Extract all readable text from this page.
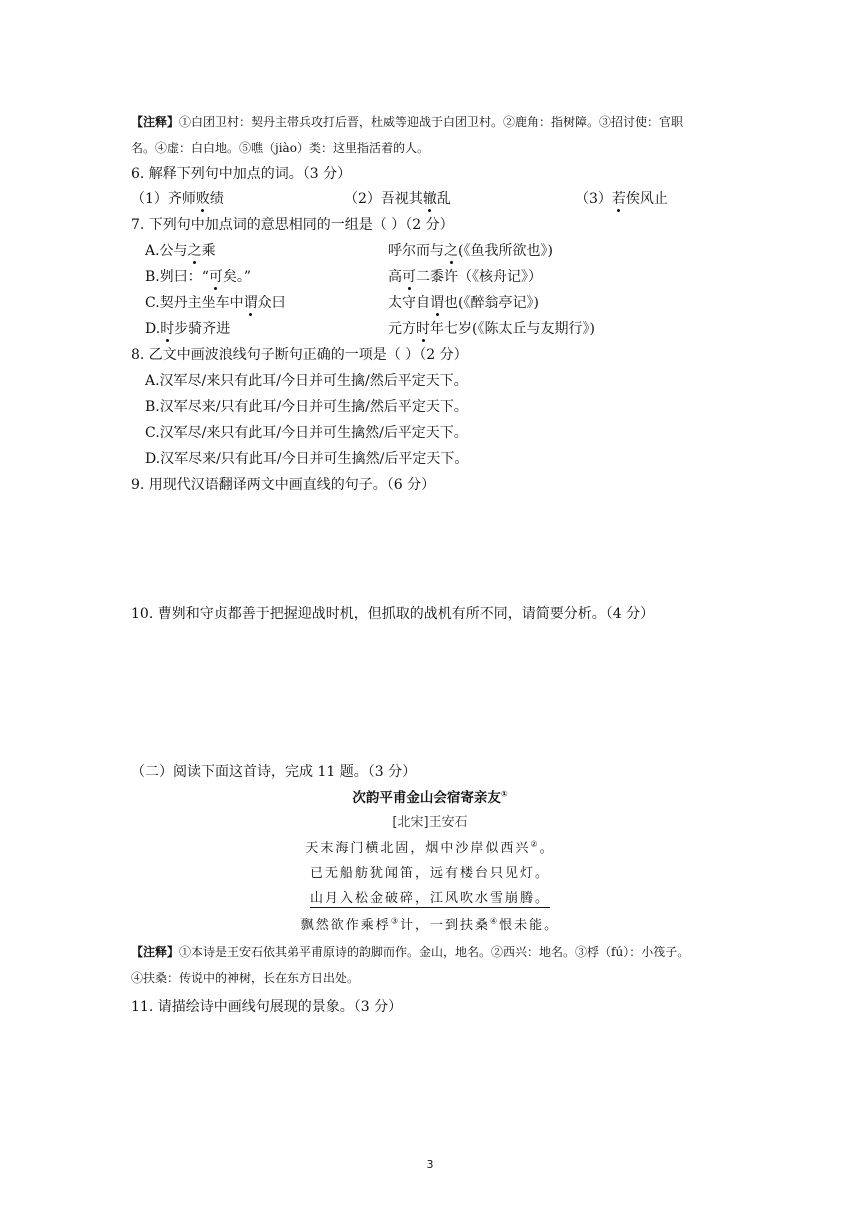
【注释】①白团卫村：契丹主帯兵攻打后晋，杜威等迎战于白团卫村。②鹿角：指树障。③招讨使：官职
名。④虚：白白地。⑤噍（jiào）类：这里指活着的人。
6. 解释下列句中加点的词。（3 分）
（1）齐师败绩	（2）吾视其辙乱	（3）若俟风止
7. 下列句中加点词的意思相同的一组是（ ）（2 分）
A.公与之乘	呼尔而与之(《鱼我所欲也》)
B.刿曰：“可矣。”	高可二黍许（《核舟记》）
C.契丹主坐车中谓众曰	太守自谓也(《醉翁亭记》)
D.时步骑齐进	元方时年七岁(《陈太丘与友期行》)
8. 乙文中画波浪线句子断句正确的一项是（ ）（2 分）
A.汉军尽/来只有此耳/今日并可生擒/然后平定天下。
B.汉军尽来/只有此耳/今日并可生擒/然后平定天下。
C.汉军尽/来只有此耳/今日并可生擒然/后平定天下。
D.汉军尽来/只有此耳/今日并可生擒然/后平定天下。
9. 用现代汉语翻译两文中画直线的句子。（6 分）
10. 曹刿和守贞都善于把握迎战时机，但抓取的战机有所不同，请简要分析。（4 分）
（二）阅读下面这首诗，完成 11 题。（3 分）
次韵平甫金山会宿寄亲友①
[北宋]王安石
天末海门横北固，烟中沙岸似西兴②。
已无船舫犹闻笛，远有楼台只见灯。
山月入松金破碎，江风吹水雪崩腾。
飘然欲作乘桴③计，一到扶桑④恨未能。
【注释】①本诗是王安石依其弟平甫原诗的韵脚而作。金山，地名。②西兴：地名。③桴（fú）：小筏子。
④扶桑：传说中的神树，长在东方日出处。
11. 请描绘诗中画线句展现的景象。（3 分）
3
